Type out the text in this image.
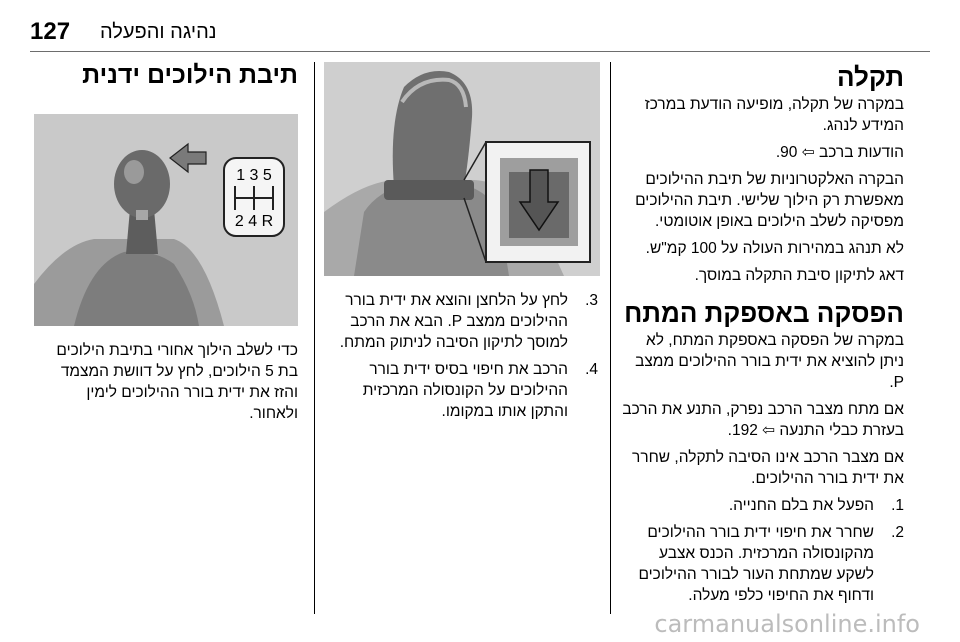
127 נהיגה והפעלה
תקלה

במקרה של תקלה, מופיעה הודעת במרכז המידע לנהג.

הודעות ברכב ⇦ 90.

הבקרה האלקטרוניות של תיבת ההילוכים מאפשרת רק הילוך שלישי. תיבת ההילוכים מפסיקה לשלב הילוכים באופן אוטומטי.

לא תנהג במהירות העולה על 100 קמ"ש.

דאג לתיקון סיבת התקלה במוסך.

הפסקה באספקת המתח

במקרה של הפסקה באספקת המתח, לא ניתן להוציא את ידית בורר ההילוכים ממצב P.

אם מתח מצבר הרכב נפרק, התנע את הרכב בעזרת כבלי התנעה ⇦ 192.

אם מצבר הרכב אינו הסיבה לתקלה, שחרר את ידית בורר ההילוכים.

1.
הפעל את בלם החנייה.
2.
שחרר את חיפוי ידית בורר ההילוכים מהקונסולה המרכזית. הכנס אצבע לשקע שמתחת העור לבורר ההילוכים ודחוף את החיפוי כלפי מעלה.
3.
לחץ על הלחצן והוצא את ידית בורר ההילוכים ממצב P. הבא את הרכב למוסך לתיקון הסיבה לניתוק המתח.
4.
הרכב את חיפוי בסיס ידית בורר ההילוכים על הקונסולה המרכזית והתקן אותו במקומו.
תיבת הילוכים ידנית
1 3 5
2 4 R

כדי לשלב הילוך אחורי בתיבת הילוכים בת 5 הילוכים, לחץ על דוושת המצמד והזז את ידית בורר ההילוכים לימין ולאחור.

carmanualsonline.info
